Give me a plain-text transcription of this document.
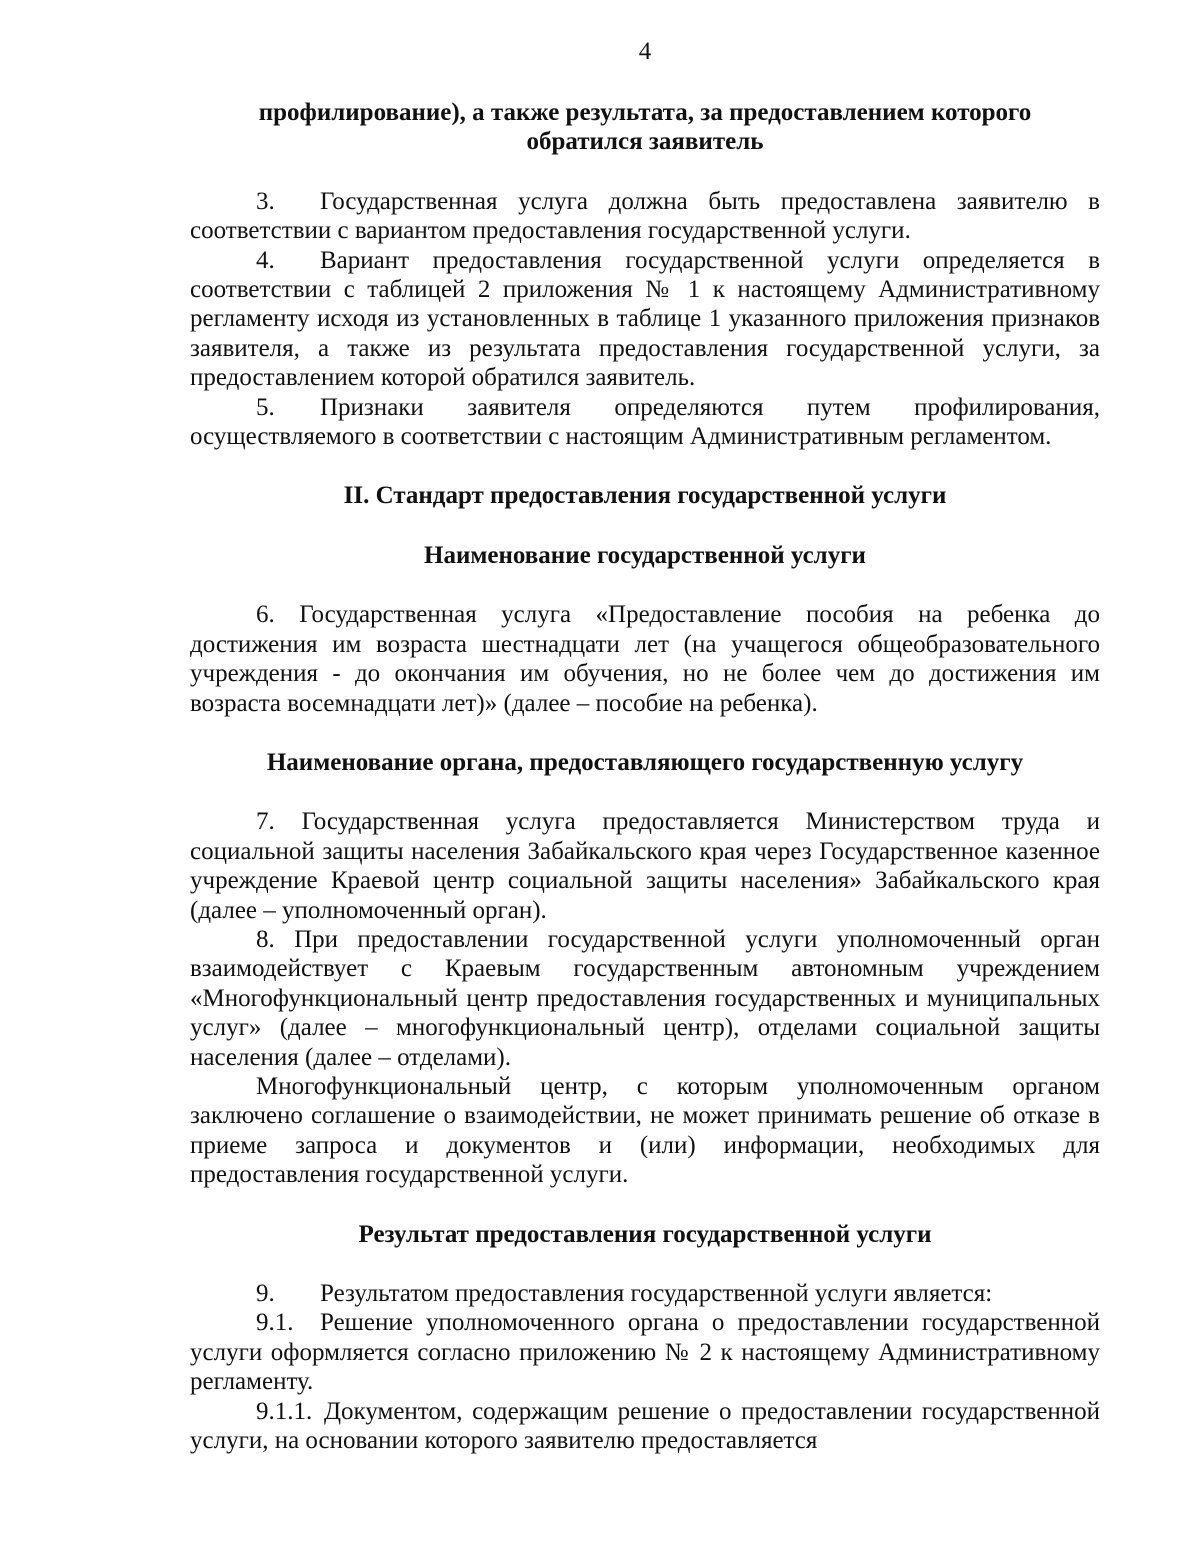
4

профилирование), а также результата, за предоставлением которого
обратился заявитель

3. Государственная услуга должна быть предоставлена заявителю в соответствии с вариантом предоставления государственной услуги.

4. Вариант предоставления государственной услуги определяется в соответствии с таблицей 2 приложения № 1 к настоящему Административному регламенту исходя из установленных в таблице 1 указанного приложения признаков заявителя, а также из результата предоставления государственной услуги, за предоставлением которой обратился заявитель.

5. Признаки заявителя определяются путем профилирования, осуществляемого в соответствии с настоящим Административным регламентом.

II. Стандарт предоставления государственной услуги

Наименование государственной услуги

6. Государственная услуга «Предоставление пособия на ребенка до достижения им возраста шестнадцати лет (на учащегося общеобразовательного учреждения - до окончания им обучения, но не более чем до достижения им возраста восемнадцати лет)» (далее – пособие на ребенка).

Наименование органа, предоставляющего государственную услугу

7. Государственная услуга предоставляется Министерством труда и социальной защиты населения Забайкальского края через Государственное казенное учреждение Краевой центр социальной защиты населения» Забайкальского края (далее – уполномоченный орган).

8. При предоставлении государственной услуги уполномоченный орган взаимодействует с Краевым государственным автономным учреждением «Многофункциональный центр предоставления государственных и муниципальных услуг» (далее – многофункциональный центр), отделами социальной защиты населения (далее – отделами).

Многофункциональный центр, с которым уполномоченным органом заключено соглашение о взаимодействии, не может принимать решение об отказе в приеме запроса и документов и (или) информации, необходимых для предоставления государственной услуги.

Результат предоставления государственной услуги

9. Результатом предоставления государственной услуги является:

9.1. Решение уполномоченного органа о предоставлении государственной услуги оформляется согласно приложению № 2 к настоящему Административному регламенту.

9.1.1. Документом, содержащим решение о предоставлении государственной услуги, на основании которого заявителю предоставляется
